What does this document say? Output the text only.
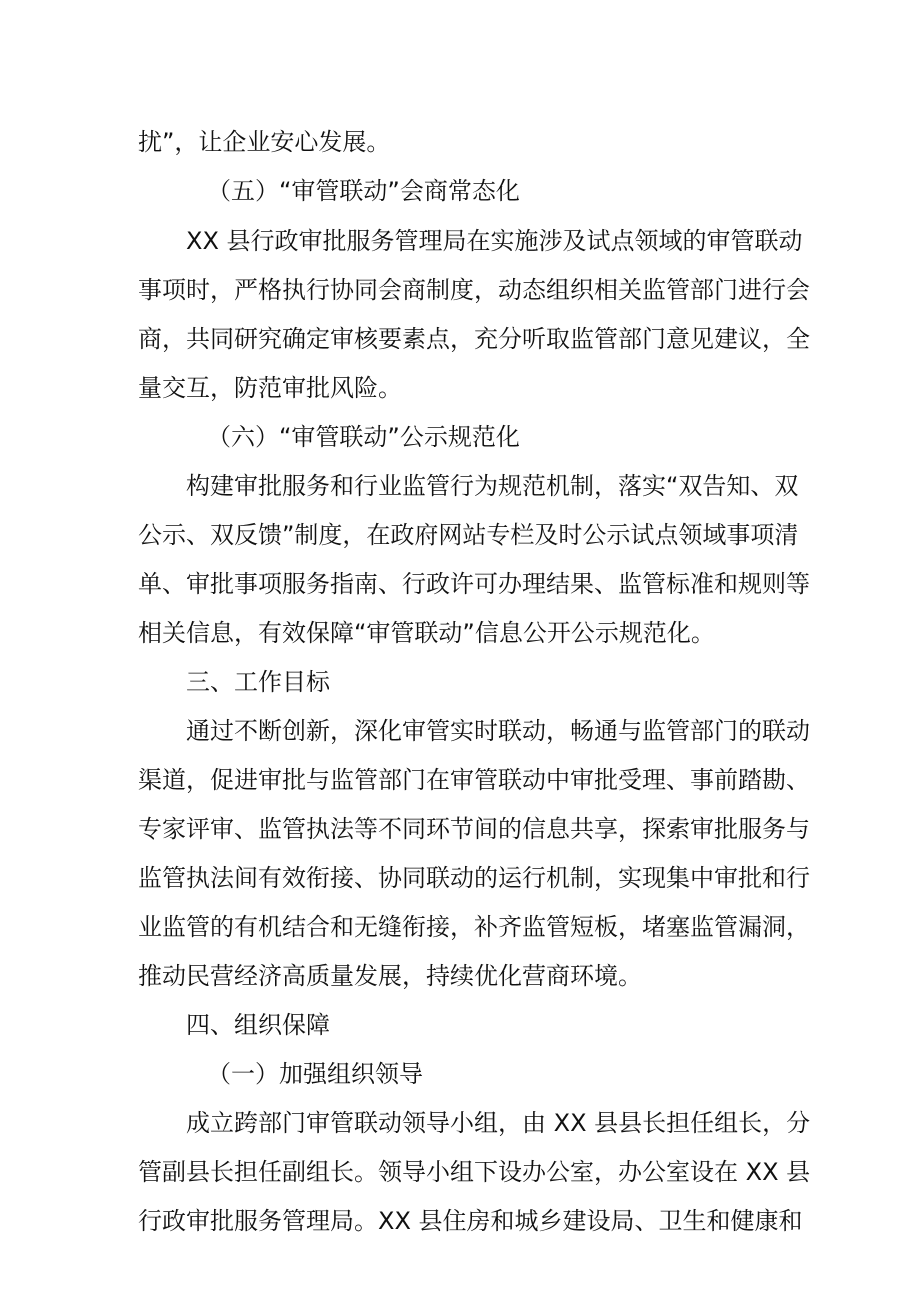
扰”，让企业安心发展。
（五）“审管联动”会商常态化
XX 县行政审批服务管理局在实施涉及试点领域的审管联动
事项时，严格执行协同会商制度，动态组织相关监管部门进行会
商，共同研究确定审核要素点，充分听取监管部门意见建议，全
量交互，防范审批风险。
（六）“审管联动”公示规范化
构建审批服务和行业监管行为规范机制，落实“双告知、双
公示、双反馈”制度，在政府网站专栏及时公示试点领域事项清
单、审批事项服务指南、行政许可办理结果、监管标准和规则等
相关信息，有效保障“审管联动”信息公开公示规范化。
三、工作目标
通过不断创新，深化审管实时联动，畅通与监管部门的联动
渠道，促进审批与监管部门在审管联动中审批受理、事前踏勘、
专家评审、监管执法等不同环节间的信息共享，探索审批服务与
监管执法间有效衔接、协同联动的运行机制，实现集中审批和行
业监管的有机结合和无缝衔接，补齐监管短板，堵塞监管漏洞，
推动民营经济高质量发展，持续优化营商环境。
四、组织保障
（一）加强组织领导
成立跨部门审管联动领导小组，由 XX 县县长担任组长，分
管副县长担任副组长。领导小组下设办公室，办公室设在 XX 县
行政审批服务管理局。XX 县住房和城乡建设局、卫生和健康和
